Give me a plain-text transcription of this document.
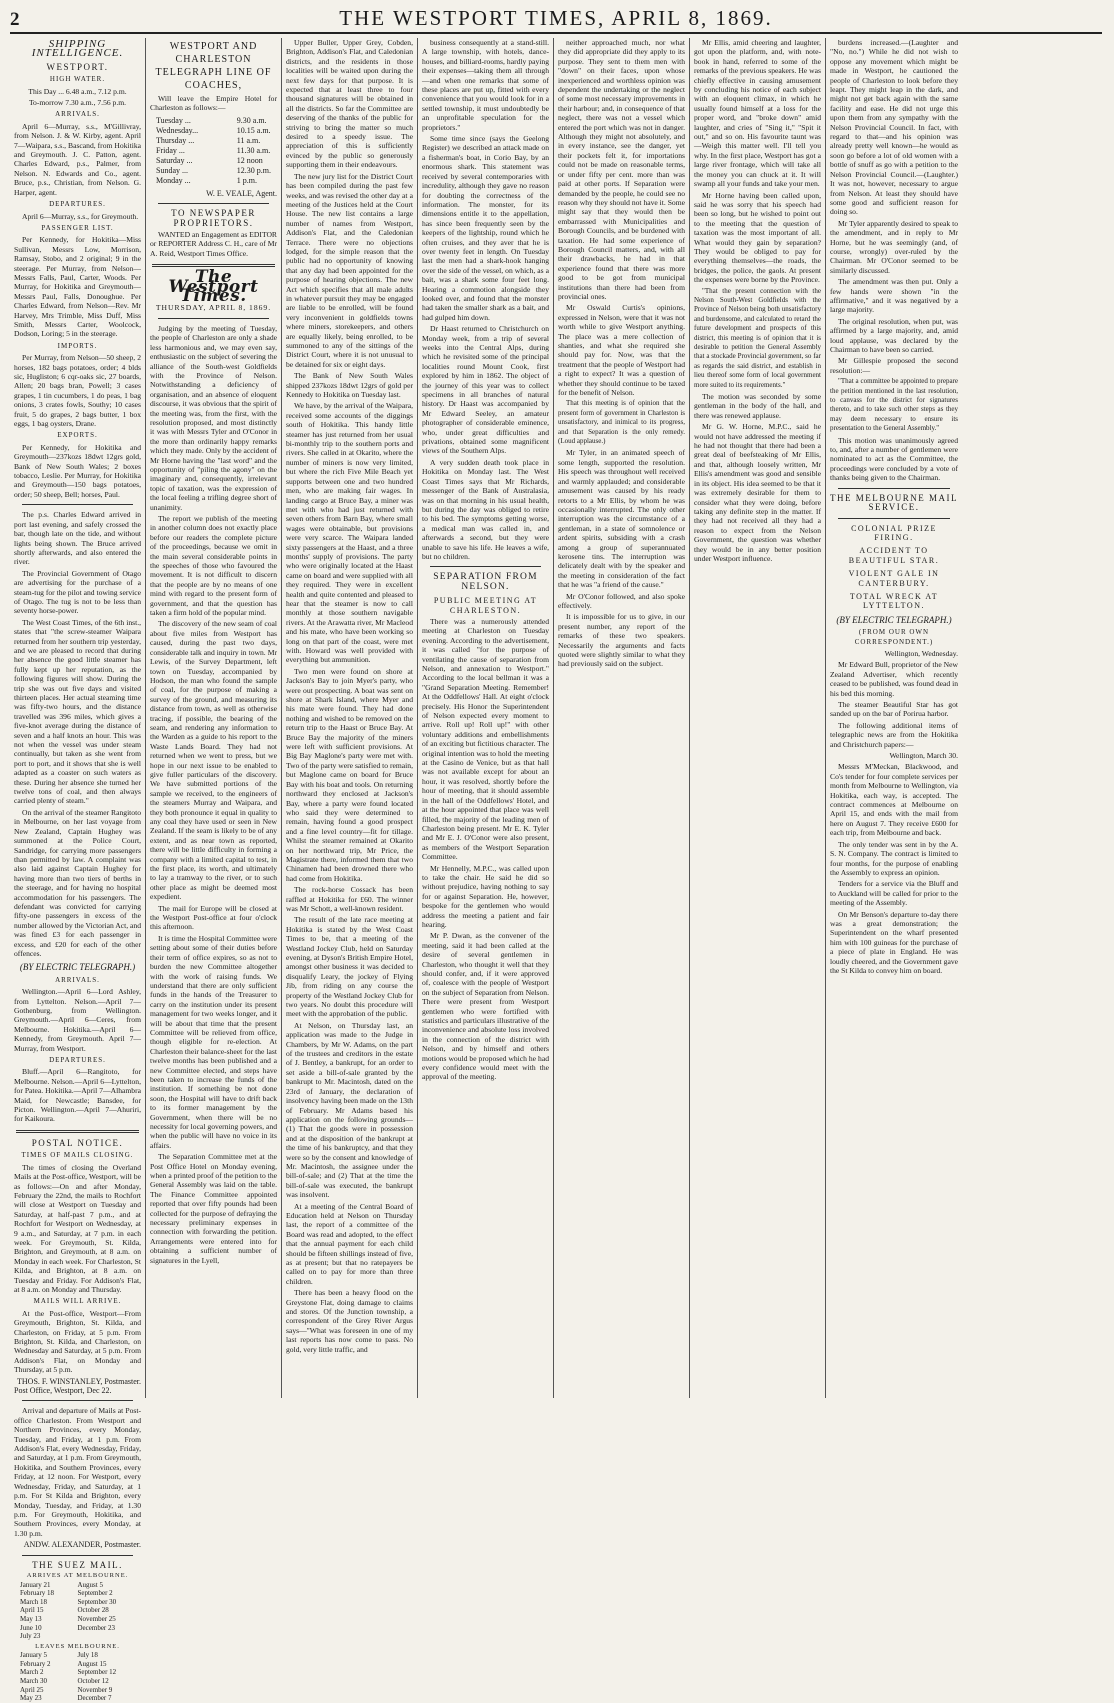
2	THE WESTPORT TIMES, APRIL 8, 1869.
SHIPPING INTELLIGENCE.
WESTPORT.
HIGH WATER.

This Day ... 6.48 a.m., 7.12 p.m.

To-morrow 7.30 a.m., 7.56 p.m.

ARRIVALS.

April 6—Murray, s.s., M'Gillivray, from Nelson. J. & W. Kirby, agent. April 7—Waipara, s.s., Bascand, from Hokitika and Greymouth. J. C. Patton, agent. Charles Edward, p.s., Palmer, from Nelson. N. Edwards and Co., agent. Bruce, p.s., Christian, from Nelson. G. Harper, agent.

DEPARTURES.

April 6—Murray, s.s., for Greymouth.

PASSENGER LIST.

Per Kennedy, for Hokitika—Miss Sullivan, Messrs Low, Morrison, Ramsay, Stobo, and 2 original; 9 in the steerage. Per Murray, from Nelson—Messrs Falls, Paul, Carter, Woods. Per Murray, for Hokitika and Greymouth—Messrs Paul, Falls, Donoughue. Per Charles Edward, from Nelson—Rev. Mr Harvey, Mrs Trimble, Miss Duff, Miss Smith, Messrs Carter, Woolcock, Dodson, Loring; 5 in the steerage.

IMPORTS.

Per Murray, from Nelson—50 sheep, 2 horses, 182 bags potatoes, order; 4 blds sic, Hugliston; 6 cqr-oaks sic, 27 boards, Allen; 20 bags bran, Powell; 3 cases grapes, 1 tin cucumbers, 1 do peas, 1 bag onions, 3 crates fowls, Southy; 10 cases fruit, 5 do grapes, 2 bags butter, 1 box eggs, 1 bag oysters, Drane.

EXPORTS.

Per Kennedy, for Hokitika and Greymouth—237kozs 18dwt 12grs gold, Bank of New South Wales; 2 boxes tobacco, Leslie. Per Murray, for Hokitika and Greymouth—150 bags potatoes, order; 50 sheep, Bell; horses, Paul.

The p.s. Charles Edward arrived in port last evening, and safely crossed the bar, though late on the tide, and without lights being shown. The Bruce arrived shortly afterwards, and also entered the river.

The Provincial Government of Otago are advertising for the purchase of a steam-tug for the pilot and towing service of Otago. The tug is not to be less than seventy horse-power.

The West Coast Times, of the 6th inst., states that "the screw-steamer Waipara returned from her southern trip yesterday, and we are pleased to record that during her absence the good little steamer has fully kept up her reputation, as the following figures will show. During the trip she was out five days and visited thirteen places. Her actual steaming time was fifty-two hours, and the distance travelled was 396 miles, which gives a five-knot average during the distance of seven and a half knots an hour. This was not when the vessel was under steam continually, but taken as she went from port to port, and it shows that she is well adapted as a coaster on such waters as these. During her absence she turned her twelve tons of coal, and then always carried plenty of steam."

On the arrival of the steamer Rangitoto in Melbourne, on her last voyage from New Zealand, Captain Hughey was summoned at the Police Court, Sandridge, for carrying more passengers than permitted by law. A complaint was also laid against Captain Hughey for having more than two tiers of berths in the steerage, and for having no hospital accommodation for his passengers. The defendant was convicted for carrying fifty-one passengers in excess of the number allowed by the Victorian Act, and was fined £3 for each passenger in excess, and £20 for each of the other offences.

(BY ELECTRIC TELEGRAPH.)
ARRIVALS.

Wellington.—April 6—Lord Ashley, from Lyttelton. Nelson.—April 7—Gothenburg, from Wellington. Greymouth.—April 6—Ceres, from Melbourne. Hokitika.—April 6—Kennedy, from Greymouth. April 7—Murray, from Westport.

DEPARTURES.

Bluff.—April 6—Rangitoto, for Melbourne. Nelson.—April 6—Lyttelton, for Patea. Hokitika.—April 7—Alhambra Maid, for Newcastle; Bansdee, for Picton. Wellington.—April 7—Ahuriri, for Kaikoura.

POSTAL NOTICE.
TIMES OF MAILS CLOSING.

The times of closing the Overland Mails at the Post-office, Westport, will be as follows:—On and after Monday, February the 22nd, the mails to Rochfort will close at Westport on Tuesday and Saturday, at half-past 7 p.m., and at Rochfort for Westport on Wednesday, at 9 a.m., and Saturday, at 7 p.m. in each week. For Greymouth, St. Kilda, Brighton, and Greymouth, at 8 a.m. on Monday in each week. For Charleston, St Kilda, and Brighton, at 8 a.m. on Tuesday and Friday. For Addison's Flat, at 8 a.m. on Monday and Thursday.

MAILS WILL ARRIVE.

At the Post-office, Westport—From Greymouth, Brighton, St. Kilda, and Charleston, on Friday, at 5 p.m. From Brighton, St. Kilda, and Charleston, on Wednesday and Saturday, at 5 p.m. From Addison's Flat, on Monday and Thursday, at 5 p.m.

THOS. F. WINSTANLEY, Postmaster.
Post Office, Westport, Dec 22.

Arrival and departure of Mails at Post-office Charleston. From Westport and Northern Provinces, every Monday, Tuesday, and Friday, at 1 p.m. From Addison's Flat, every Wednesday, Friday, and Saturday, at 1 p.m. From Greymouth, Hokitika, and Southern Provinces, every Friday, at 12 noon. For Westport, every Wednesday, Friday, and Saturday, at 1 p.m. For St Kilda and Brighton, every Monday, Tuesday, and Friday, at 1.30 p.m. For Greymouth, Hokitika, and Southern Provinces, every Monday, at 1.30 p.m.

ANDW. ALEXANDER, Postmaster.
THE SUEZ MAIL.
ARRIVES AT MELBOURNE.
January 21	August 5
February 18	September 2
March 18	September 30
April 15	October 28
May 13	November 25
June 10	December 23
July 23
LEAVES MELBOURNE.
January 5	July 18
February 2	August 15
March 2	September 12
March 30	October 12
April 25	November 9
May 23	December 7
WESTPORT AND CHARLESTON TELEGRAPH LINE OF COACHES,

Will leave the Empire Hotel for Charleston as follows:—

Tuesday ...	9.30 a.m.
Wednesday...	10.15 a.m.
Thursday ...	11 a.m.
Friday ...	11.30 a.m.
Saturday ...	12 noon
Sunday ...	12.30 p.m.
Monday ...	1 p.m.
W. E. VEALE, Agent.
TO NEWSPAPER PROPRIETORS.

WANTED an Engagement as EDITOR or REPORTER Address C. H., care of Mr A. Reid, Westport Times Office.

The Westport Times.
THURSDAY, APRIL 8, 1869.

Judging by the meeting of Tuesday, the people of Charleston are only a shade less harmonious and, we may even say, enthusiastic on the subject of severing the alliance of the South-west Goldfields with the Province of Nelson. Notwithstanding a deficiency of organisation, and an absence of eloquent discourse, it was obvious that the spirit of the meeting was, from the first, with the resolution proposed, and most distinctly it was with Messrs Tyler and O'Conor in the more than ordinarily happy remarks which they made. Only by the accident of Mr Horne having the "last word" and the opportunity of "piling the agony" on the imaginary and, consequently, irrelevant topic of taxation, was the expression of the local feeling a trifling degree short of unanimity.

The report we publish of the meeting in another column does not exactly place before our readers the complete picture of the proceedings, because we omit in the main several considerable points in the speeches of those who favoured the movement. It is not difficult to discern that the people are by no means of one mind with regard to the present form of government, and that the question has taken a firm hold of the popular mind.

The discovery of the new seam of coal about five miles from Westport has caused, during the past two days, considerable talk and inquiry in town. Mr Lewis, of the Survey Department, left town on Tuesday, accompanied by Hodson, the man who found the sample of coal, for the purpose of making a survey of the ground, and measuring its distance from town, as well as otherwise tracing, if possible, the bearing of the seam, and rendering any information to the Warden as a guide to his report to the Waste Lands Board. They had not returned when we went to press, but we hope in our next issue to be enabled to give fuller particulars of the discovery. We have submitted portions of the sample we received, to the engineers of the steamers Murray and Waipara, and they both pronounce it equal in quality to any coal they have used or seen in New Zealand. If the seam is likely to be of any extent, and as near town as reported, there will be little difficulty in forming a company with a limited capital to test, in the first place, its worth, and ultimately to lay a tramway to the river, or to such other place as might be deemed most expedient.

The mail for Europe will be closed at the Westport Post-office at four o'clock this afternoon.

It is time the Hospital Committee were setting about some of their duties before their term of office expires, so as not to burden the new Committee altogether with the work of raising funds. We understand that there are only sufficient funds in the hands of the Treasurer to carry on the institution under its present management for two weeks longer, and it will be about that time that the present Committee will be relieved from office, though eligible for re-election. At Charleston their balance-sheet for the last twelve months has been published and a new Committee elected, and steps have been taken to increase the funds of the institution. If something be not done soon, the Hospital will have to drift back to its former management by the Government, when there will be no necessity for local governing powers, and when the public will have no voice in its affairs.

The Separation Committee met at the Post Office Hotel on Monday evening, when a printed proof of the petition to the General Assembly was laid on the table. The Finance Committee appointed reported that over fifty pounds had been collected for the purpose of defraying the necessary preliminary expenses in connection with forwarding the petition. Arrangements were entered into for obtaining a sufficient number of signatures in the Lyell,

Upper Buller, Upper Grey, Cobden, Brighton, Addison's Flat, and Caledonian districts, and the residents in those localities will be waited upon during the next few days for that purpose. It is expected that at least three to four thousand signatures will be obtained in all the districts. So far the Committee are deserving of the thanks of the public for striving to bring the matter so much desired to a speedy issue. The appreciation of this is sufficiently evinced by the public so generously supporting them in their endeavours.

The new jury list for the District Court has been compiled during the past few weeks, and was revised the other day at a meeting of the Justices held at the Court House. The new list contains a large number of names from Westport, Addison's Flat, and the Caledonian Terrace. There were no objections lodged, for the simple reason that the public had no opportunity of knowing that any day had been appointed for the purpose of hearing objections. The new Act which specifies that all male adults in whatever pursuit they may be engaged are liable to be enrolled, will be found very inconvenient in goldfields towns where miners, storekeepers, and others are equally likely, being enrolled, to be summoned to any of the sittings of the District Court, where it is not unusual to be detained for six or eight days.

The Bank of New South Wales shipped 237kozs 18dwt 12grs of gold per Kennedy to Hokitika on Tuesday last.

We have, by the arrival of the Waipara, received some accounts of the diggings south of Hokitika. This handy little steamer has just returned from her usual bi-monthly trip to the southern ports and rivers. She called in at Okarito, where the number of miners is now very limited, but where the rich Five Mile Beach yet supports between one and two hundred men, who are making fair wages. In landing cargo at Bruce Bay, a miner was met with who had just returned with seven others from Barn Bay, where small wages were obtainable, but provisions were very scarce. The Waipara landed sixty passengers at the Haast, and a three months' supply of provisions. The party who were originally located at the Haast came on board and were supplied with all they required. They were in excellent health and quite contented and pleased to hear that the steamer is now to call monthly at those southern navigable rivers. At the Arawatta river, Mr Macleod and his mate, who have been working so long on that part of the coast, were met with. Howard was well provided with everything but ammunition.

Two men were found on shore at Jackson's Bay to join Myer's party, who were out prospecting. A boat was sent on shore at Shark Island, where Myer and his mate were found. They had done nothing and wished to be removed on the return trip to the Haast or Bruce Bay. At Bruce Bay the majority of the miners were left with sufficient provisions. At Big Bay Maglone's party were met with. Two of the party were satisfied to remain, but Maglone came on board for Bruce Bay with his boat and tools. On returning northward they enclosed at Jackson's Bay, where a party were found located who said they were determined to remain, having found a good prospect and a fine level country—fit for tillage. Whilst the steamer remained at Okarito on her northward trip, Mr Price, the Magistrate there, informed them that two Chinamen had been drowned there who had come from Hokitika.

The rock-horse Cossack has been raffled at Hokitika for £60. The winner was Mr Schott, a well-known resident.

The result of the late race meeting at Hokitika is stated by the West Coast Times to be, that a meeting of the Westland Jockey Club, held on Saturday evening, at Dyson's British Empire Hotel, amongst other business it was decided to disqualify Leary, the jockey of Flying Jib, from riding on any course the property of the Westland Jockey Club for two years. No doubt this procedure will meet with the approbation of the public.

At Nelson, on Thursday last, an application was made to the Judge in Chambers, by Mr W. Adams, on the part of the trustees and creditors in the estate of J. Bentley, a bankrupt, for an order to set aside a bill-of-sale granted by the bankrupt to Mr. Macintosh, dated on the 23rd of January, the declaration of insolvency having been made on the 13th of February. Mr Adams based his application on the following grounds—(1) That the goods were in possession and at the disposition of the bankrupt at the time of his bankruptcy, and that they were so by the consent and knowledge of Mr. Macintosh, the assignee under the bill-of-sale; and (2) That at the time the bill-of-sale was executed, the bankrupt was insolvent.

At a meeting of the Central Board of Education held at Nelson on Thursday last, the report of a committee of the Board was read and adopted, to the effect that the annual payment for each child should be fifteen shillings instead of five, as at present; but that no ratepayers be called on to pay for more than three children.

There has been a heavy flood on the Greystone Flat, doing damage to claims and stores. Of the Junction township, a correspondent of the Grey River Argus says—"What was foreseen in one of my last reports has now come to pass. No gold, very little traffic, and

business consequently at a stand-still. A large township, with hotels, dance-houses, and billiard-rooms, hardly paying their expenses—taking them all through—and when one remarks that some of these places are put up, fitted with every convenience that you would look for in a settled township, it must undoubtedly be an unprofitable speculation for the proprietors."

Some time since (says the Geelong Register) we described an attack made on a fisherman's boat, in Corio Bay, by an enormous shark. This statement was received by several contemporaries with incredulity, although they gave no reason for doubting the correctness of the information. The monster, for its dimensions entitle it to the appellation, has since been frequently seen by the keepers of the lightship, round which he often cruises, and they aver that he is over twenty feet in length. On Tuesday last the men had a shark-hook hanging over the side of the vessel, on which, as a bait, was a shark some four feet long. Hearing a commotion alongside they looked over, and found that the monster had taken the smaller shark as a bait, and had gulped him down.

Dr Haast returned to Christchurch on Monday week, from a trip of several weeks into the Central Alps, during which he revisited some of the principal localities round Mount Cook, first explored by him in 1862. The object of the journey of this year was to collect specimens in all branches of natural history. Dr Haast was accompanied by Mr Edward Seeley, an amateur photographer of considerable eminence, who, under great difficulties and privations, obtained some magnificent views of the Southern Alps.

A very sudden death took place in Hokitika on Monday last. The West Coast Times says that Mr Richards, messenger of the Bank of Australasia, was on that morning in his usual health, but during the day was obliged to retire to his bed. The symptoms getting worse, a medical man was called in, and afterwards a second, but they were unable to save his life. He leaves a wife, but no children.

SEPARATION FROM NELSON.
PUBLIC MEETING AT CHARLESTON.

There was a numerously attended meeting at Charleston on Tuesday evening. According to the advertisement, it was called "for the purpose of ventilating the cause of separation from Nelson, and annexation to Westport." According to the local bellman it was a "Grand Separation Meeting. Remember! At the Oddfellows' Hall. At eight o'clock precisely. His Honor the Superintendent of Nelson expected every moment to arrive. Roll up! Roll up!" with other voluntary additions and embellishments of an exciting but fictitious character. The original intention was to hold the meeting at the Casino de Venice, but as that hall was not available except for about an hour, it was resolved, shortly before the hour of meeting, that it should assemble in the hall of the Oddfellows' Hotel, and at the hour appointed that place was well filled, the majority of the leading men of Charleston being present. Mr E. K. Tyler and Mr E. J. O'Conor were also present, as members of the Westport Separation Committee.

Mr Hennelly, M.P.C., was called upon to take the chair. He said he did so without prejudice, having nothing to say for or against Separation. He, however, bespoke for the gentlemen who would address the meeting a patient and fair hearing.

Mr P. Dwan, as the convener of the meeting, said it had been called at the desire of several gentlemen in Charleston, who thought it well that they should confer, and, if it were approved of, coalesce with the people of Westport on the subject of Separation from Nelson. There were present from Westport gentlemen who were fortified with statistics and particulars illustrative of the inconvenience and absolute loss involved in the connection of the district with Nelson, and by himself and others motions would be proposed which he had every confidence would meet with the approval of the meeting.

neither approached much, nor what they did appropriate did they apply to its purpose. They sent to them men with "down" on their faces, upon whose inexperienced and worthless opinion was dependent the undertaking or the neglect of some most necessary improvements in their harbour; and, in consequence of that neglect, there was not a vessel which entered the port which was not in danger. Although they might not absolutely, and in every instance, see the danger, yet their pockets felt it, for importations could not be made on reasonable terms, or under fifty per cent. more than was paid at other ports. If Separation were demanded by the people, he could see no reason why they should not have it. Some might say that they would then be embarrassed with Municipalities and Borough Councils, and be burdened with taxation. He had some experience of Borough Council matters, and, with all their drawbacks, he had in that experience found that there was more good to be got from municipal institutions than there had been from provincial ones.

Mr Oswald Curtis's opinions, expressed in Nelson, were that it was not worth while to give Westport anything. The place was a mere collection of shanties, and what she required she should pay for. Now, was that the treatment that the people of Westport had a right to expect? It was a question of whether they should continue to be taxed for the benefit of Nelson.

That this meeting is of opinion that the present form of government in Charleston is unsatisfactory, and inimical to its progress, and that Separation is the only remedy. (Loud applause.)

Mr Tyler, in an animated speech of some length, supported the resolution. His speech was throughout well received and warmly applauded; and considerable amusement was caused by his ready retorts to a Mr Ellis, by whom he was occasionally interrupted. The only other interruption was the circumstance of a gentleman, in a state of somnolence or ardent spirits, subsiding with a crash among a group of superannuated kerosene tins. The interruption was delicately dealt with by the speaker and the meeting in consideration of the fact that he was "a friend of the cause."

Mr O'Conor followed, and also spoke effectively.

It is impossible for us to give, in our present number, any report of the remarks of these two speakers. Necessarily the arguments and facts quoted were slightly similar to what they had previously said on the subject.

Mr Ellis, amid cheering and laughter, got upon the platform, and, with note-book in hand, referred to some of the remarks of the previous speakers. He was chiefly effective in causing amusement by concluding his notice of each subject with an eloquent climax, in which he usually found himself at a loss for the proper word, and "broke down" amid laughter, and cries of "Sing it," "Spit it out," and so on. His favourite taunt was—Weigh this matter well. I'll tell you why. In the first place, Westport has got a large river frontage, which will take all the money you can chuck at it. It will swamp all your funds and take your men.

Mr Horne having been called upon, said he was sorry that his speech had been so long, but he wished to point out to the meeting that the question of taxation was the most important of all. What would they gain by separation? They would be obliged to pay for everything themselves—the roads, the bridges, the police, the gaols. At present the expenses were borne by the Province.

"That the present connection with the Nelson South-West Goldfields with the Province of Nelson being both unsatisfactory and burdensome, and calculated to retard the future development and prospects of this district, this meeting is of opinion that it is desirable to petition the General Assembly that a stockade Provincial government, so far as regards the said district, and establish in lieu thereof some form of local government more suited to its requirements."

The motion was seconded by some gentleman in the body of the hall, and there was renewed applause.

Mr G. W. Horne, M.P.C., said he would not have addressed the meeting if he had not thought that there had been a great deal of beefsteaking of Mr Ellis, and that, although loosely written, Mr Ellis's amendment was good and sensible in its object. His idea seemed to be that it was extremely desirable for them to consider what they were doing, before taking any definite step in the matter. If they had not received all they had a reason to expect from the Nelson Government, the question was whether they would be in any better position under Westport influence.

burdens increased.—(Laughter and "No, no.") While he did not wish to oppose any movement which might be made in Westport, he cautioned the people of Charleston to look before they leapt. They might leap in the dark, and might not get back again with the same facility and ease. He did not urge this upon them from any sympathy with the Nelson Provincial Council. In fact, with regard to that—and his opinion was already pretty well known—he would as soon go before a lot of old women with a bottle of snuff as go with a petition to the Nelson Provincial Council.—(Laughter.) It was not, however, necessary to argue from Nelson. At least they should have some good and sufficient reason for doing so.

Mr Tyler apparently desired to speak to the amendment, and in reply to Mr Horne, but he was seemingly (and, of course, wrongly) over-ruled by the Chairman. Mr O'Conor seemed to be similarly discussed.

The amendment was then put. Only a few hands were shown "in the affirmative," and it was negatived by a large majority.

The original resolution, when put, was affirmed by a large majority, and, amid loud applause, was declared by the Chairman to have been so carried.

Mr Gillespie proposed the second resolution:—

"That a committee be appointed to prepare the petition mentioned in the last resolution, to canvass for the district for signatures thereto, and to take such other steps as they may deem necessary to ensure its presentation to the General Assembly."

This motion was unanimously agreed to, and, after a number of gentlemen were nominated to act as the Committee, the proceedings were concluded by a vote of thanks being given to the Chairman.

THE MELBOURNE MAIL SERVICE.
COLONIAL PRIZE FIRING.
ACCIDENT TO BEAUTIFUL STAR.
VIOLENT GALE IN CANTERBURY.
TOTAL WRECK AT LYTTELTON.
(BY ELECTRIC TELEGRAPH.)
(FROM OUR OWN CORRESPONDENT.)

Wellington, Wednesday.

Mr Edward Bull, proprietor of the New Zealand Advertiser, which recently ceased to be published, was found dead in his bed this morning.

The steamer Beautiful Star has got sanded up on the bar of Porirua harbor.

The following additional items of telegraphic news are from the Hokitika and Christchurch papers:—

Wellington, March 30.

Messrs M'Meckan, Blackwood, and Co's tender for four complete services per month from Melbourne to Wellington, via Hokitika, each way, is accepted. The contract commences at Melbourne on April 15, and ends with the mail from here on August 7. They receive £600 for each trip, from Melbourne and back.

The only tender was sent in by the A. S. N. Company. The contract is limited to four months, for the purpose of enabling the Assembly to express an opinion.

Tenders for a service via the Bluff and to Auckland will be called for prior to the meeting of the Assembly.

On Mr Benson's departure to-day there was a great demonstration; the Superintendent on the wharf presented him with 100 guineas for the purchase of a piece of plate in England. He was loudly cheered, and the Government gave the St Kilda to convey him on board.
